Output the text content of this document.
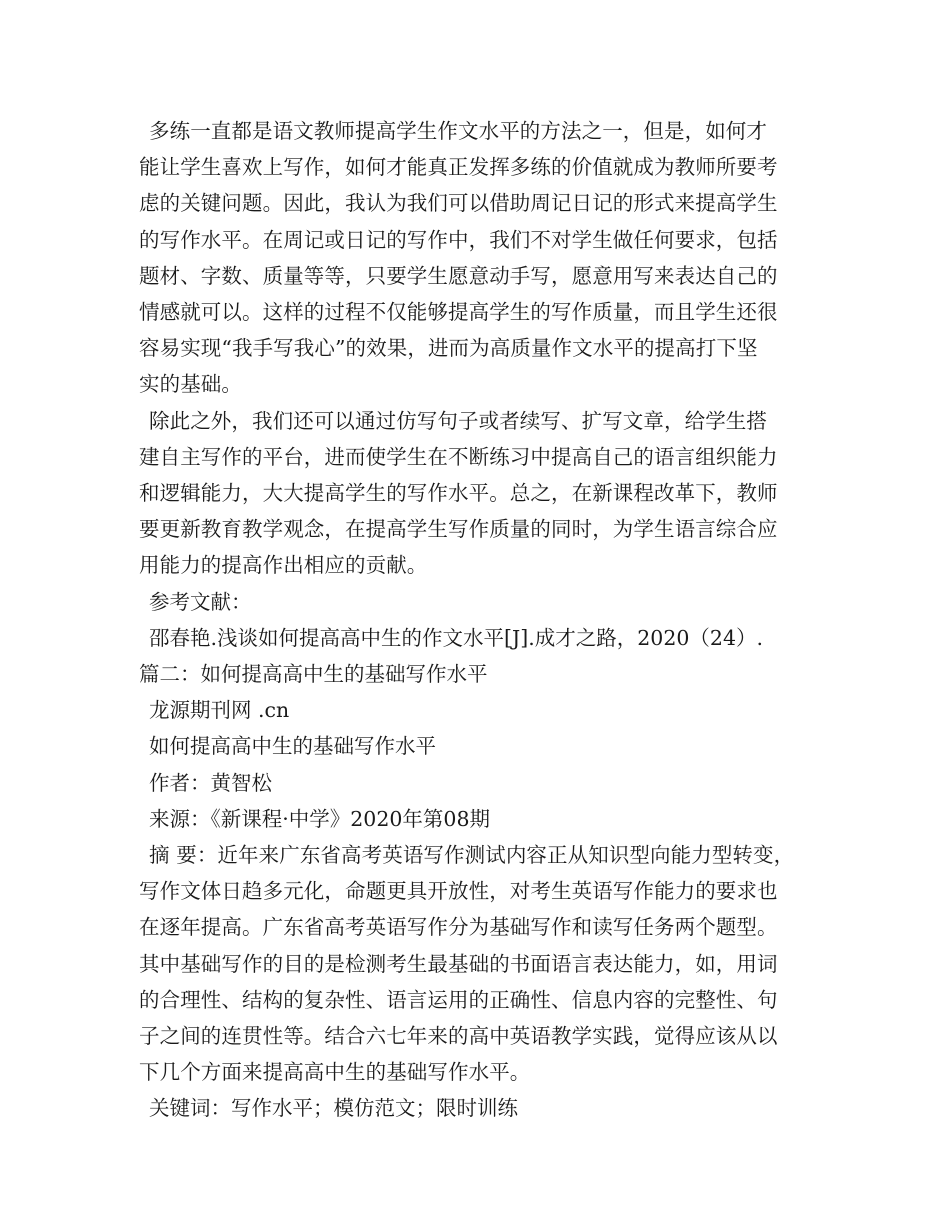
多练一直都是语文教师提高学生作文水平的方法之一，但是，如何才
能让学生喜欢上写作，如何才能真正发挥多练的价值就成为教师所要考
虑的关键问题。因此，我认为我们可以借助周记日记的形式来提高学生
的写作水平。在周记或日记的写作中，我们不对学生做任何要求，包括
题材、字数、质量等等，只要学生愿意动手写，愿意用写来表达自己的
情感就可以。这样的过程不仅能够提高学生的写作质量，而且学生还很
容易实现“我手写我心”的效果，进而为高质量作文水平的提高打下坚
实的基础。
除此之外，我们还可以通过仿写句子或者续写、扩写文章，给学生搭
建自主写作的平台，进而使学生在不断练习中提高自己的语言组织能力
和逻辑能力，大大提高学生的写作水平。总之，在新课程改革下，教师
要更新教育教学观念，在提高学生写作质量的同时，为学生语言综合应
用能力的提高作出相应的贡献。
参考文献：
邵春艳.浅谈如何提高高中生的作文水平[J].成才之路，2020（24）.
篇二：如何提高高中生的基础写作水平
龙源期刊网 .cn
如何提高高中生的基础写作水平
作者：黄智松
来源：《新课程·中学》2020年第08期
摘 要：近年来广东省高考英语写作测试内容正从知识型向能力型转变，
写作文体日趋多元化，命题更具开放性，对考生英语写作能力的要求也
在逐年提高。广东省高考英语写作分为基础写作和读写任务两个题型。
其中基础写作的目的是检测考生最基础的书面语言表达能力，如，用词
的合理性、结构的复杂性、语言运用的正确性、信息内容的完整性、句
子之间的连贯性等。结合六七年来的高中英语教学实践，觉得应该从以
下几个方面来提高高中生的基础写作水平。
关键词：写作水平；模仿范文；限时训练
